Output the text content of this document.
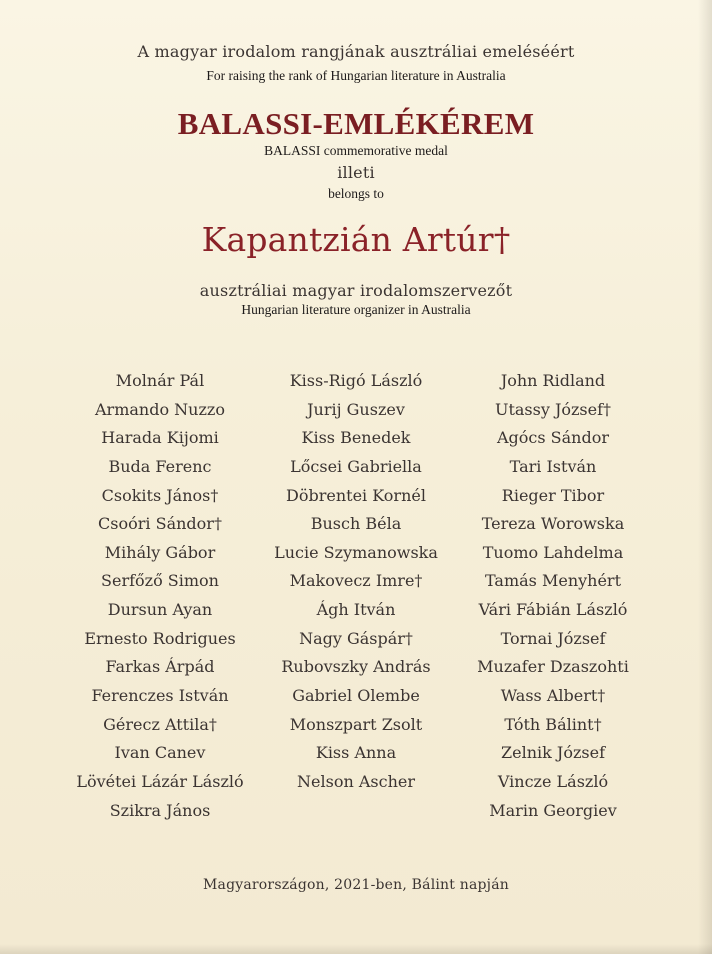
A magyar irodalom rangjának ausztráliai emeléséért
For raising the rank of Hungarian literature in Australia
BALASSI-EMLÉKÉREM
BALASSI commemorative medal
illeti
belongs to
Kapantzián Artúr†
ausztráliai magyar irodalomszervezőt
Hungarian literature organizer in Australia
Molnár Pál
Armando Nuzzo
Harada Kijomi
Buda Ferenc
Csokits János†
Csoóri Sándor†
Mihály Gábor
Serfőző Simon
Dursun Ayan
Ernesto Rodrigues
Farkas Árpád
Ferenczes István
Gérecz Attila†
Ivan Canev
Lövétei Lázár László
Szikra János
Kiss-Rigó László
Jurij Guszev
Kiss Benedek
Lőcsei Gabriella
Döbrentei Kornél
Busch Béla
Lucie Szymanowska
Makovecz Imre†
Ágh Itván
Nagy Gáspár†
Rubovszky András
Gabriel Olembe
Monszpart Zsolt
Kiss Anna
Nelson Ascher
John Ridland
Utassy József†
Agócs Sándor
Tari István
Rieger Tibor
Tereza Worowska
Tuomo Lahdelma
Tamás Menyhért
Vári Fábián László
Tornai József
Muzafer Dzaszohti
Wass Albert†
Tóth Bálint†
Zelnik József
Vincze László
Marin Georgiev
Magyarországon, 2021-ben, Bálint napján
